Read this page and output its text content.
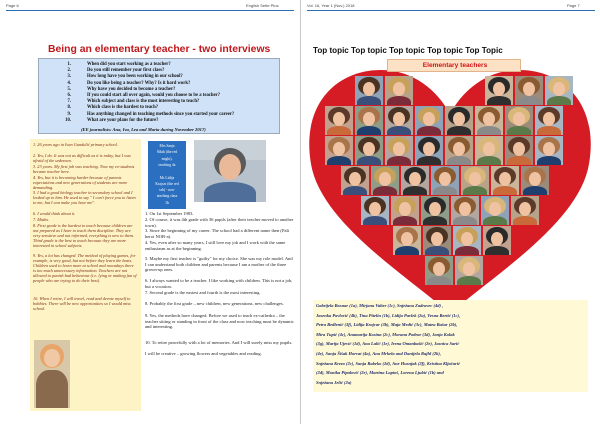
Page 6	English Sette Plus
Being an elementary teacher - two interviews
1.	When did you start working as a teacher?
2.	Do you still remember your first class?
3.	How long have you been working in our school?
4.	Do you like being a teacher? Why? Is it hard work?
5.	Why have you decided to become a teacher?
6.	If you could start all over again, would you choose to be a teacher?
7.	Which subject and class is the most interesting to teach?
8.	Which class is the hardest to teach?
9.	Has anything changed in teaching methods since you started your career?
10.	What are your plans for the future?
(EE journalists: Ana, Iva, Lea and Marta during November 2017)
1. 26 years ago in Ivan Gundulić primary school.
2. Yes, I do. It was not as difficult as it is today, but I was afraid of the unknown.
3. 23 years. My first job was teaching. Now my ex-students became teacher here.
4. Yes, but it is becoming harder because of parents expectations and new generations of students are more demanding.
5. I had a good biology teacher in secondary school and I looked up to him. He used to say " I can't force you to listen to me, but I can make you hear me".
6. I would think about it.
7. Maths.
8. First grade is the hardest to teach because children are not prepared as I have to teach them discipline. They are very sensitive and not informed, everything is new to them. Third grade is the best to teach because they are more interested in school subjects.
9. Yes, a lot has changed. The method of playing games, for example, is very good, but not before they learn the basis. Children used to learn more at school and nowadays there is too much unnecessary information. Teachers are not allowed to punish bad behaviour (i.e. lying or making fun of people who are trying to do their best).
10. When I retire, I will travel, read and devote myself to hobbies. There will be new opportunities so I would miss school.
Mrs Sanja
Šišak (the red
might),
teaching 4a
Ms Lidija
Krajcar (the red
tab) - now
teaching class
1b
1. On 1st September 1983.
2. Of course, it was 4th grade with 36 pupils (after their teacher moved to another town).
3. Since the beginning of my career. The school had a different name then (Pali heroi NOB-a).
4. Yes, even after so many years, I still love my job and I work with the same enthusiasm as at the beginning.
5. Maybe my first teacher is "guilty" for my choice. She was my role model. And I can understand both children and parents because I am a mother of the three grown-up ones.
6. I always wanted to be a teacher. I like working with children. This is not a job, but a vocation.
7. Second grade is the easiest and fourth is the most interesting.
8. Probably the first grade – new children, new generations, new challenges.
9. Yes, the methods have changed. Before we used to teach ex-cathedra – the teacher sitting or standing in front of the class and now teaching must be dynamic and interesting.
10. To retire peacefully with a lot of memories. And I will surely miss my pupils.
I will be creative – growing flowers and vegetables and reading.
Vol. 16, Year 1 (Nov.) 2018	Page 7
Top topic Top topic Top topic Top topic Top Topic
Elementary teachers
Gabrijela Bosnar (1a), Mirjana Valter (1c), Snježana Zadravec (4d) ,
Jasenka Pavlović (4b), Tina Pitelin (1b), Lidija Pavlek (2a), Vesna Bertić (1c),
Petra Bedlenić (3f), Lidija Krajcar (3b), Maja Medić (3c), Matea Bašar (2b),
Mira Tupić (4c), Anamarija Kosina (2c), Morana Podrar (3d), Janja Kolak
(3g), Marija Ujević (1d), Ana Lalić (1e), Irena Omanbašić (2e), Jasnica Sarić
(4e), Sanja Šišak Horvat (4a), Ana Mrkela and Danijela Rajhl (2b),
Snježana Krezo (2c), Sanja Rabeko (2d), Ane Husnjak (2f), Kristina Kljačarić
(2d), Monika Pipalović (2e), Martina Laptoš, Lorena Ljubić (1b) and
Snježana Jelić (2a)
